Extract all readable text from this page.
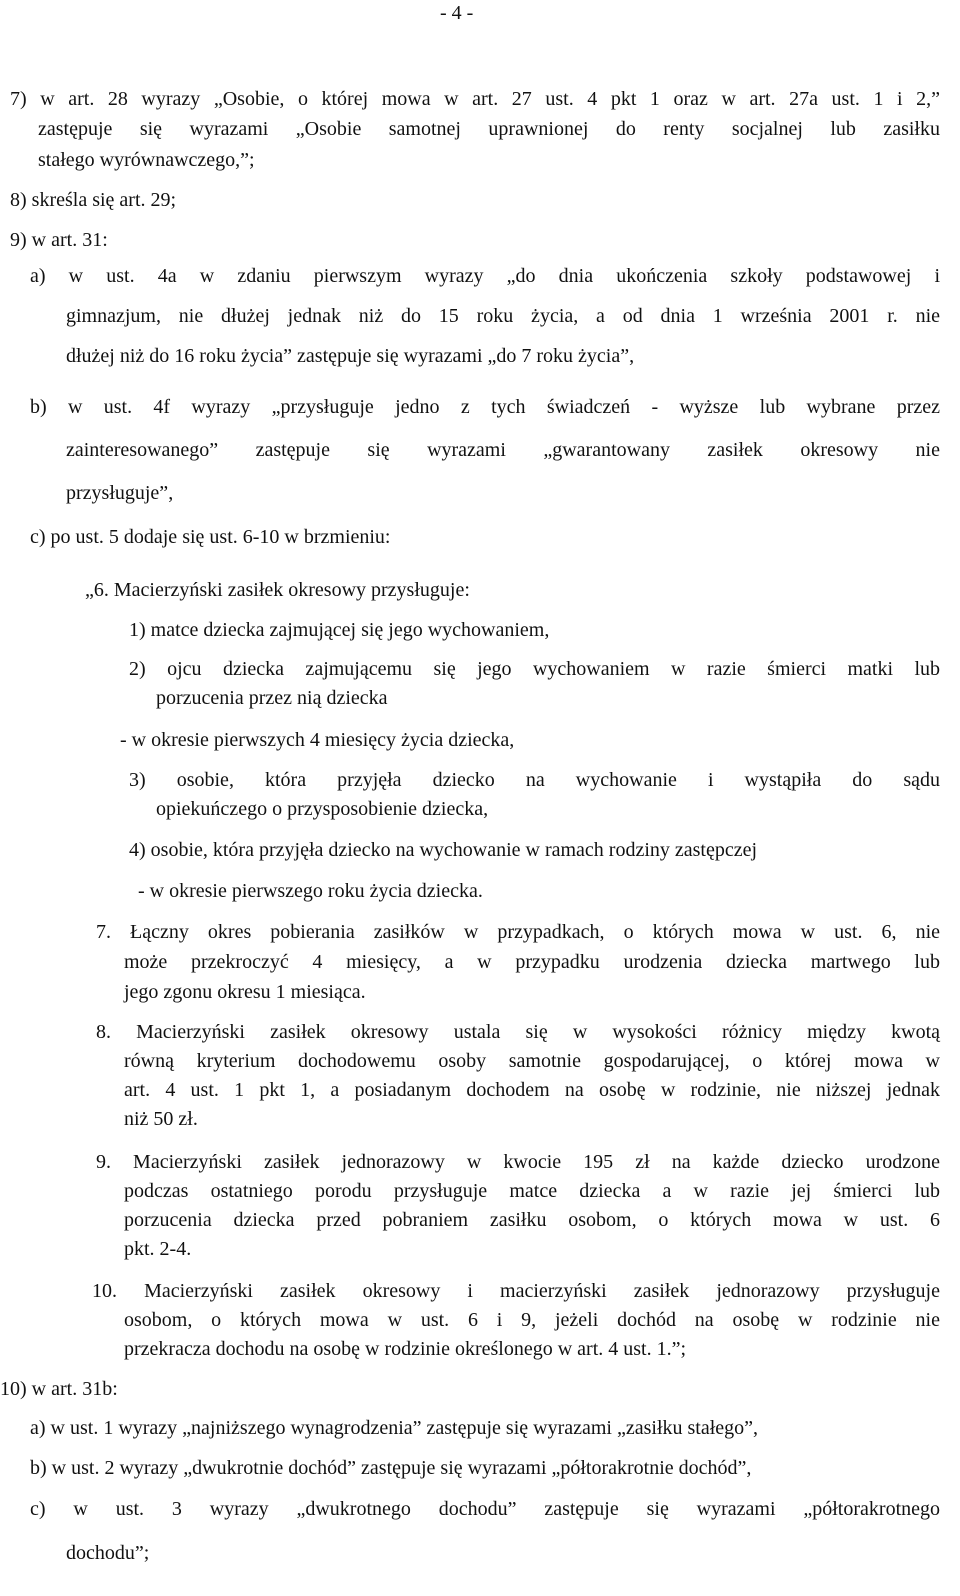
- 4 -
7) w art. 28 wyrazy „Osobie, o której mowa w art. 27 ust. 4 pkt 1 oraz w art. 27a ust. 1 i 2,”
zastępuje się wyrazami „Osobie samotnej uprawnionej do renty socjalnej lub zasiłku
stałego wyrównawczego,”;
8) skreśla się art. 29;
9) w art. 31:
a) w ust. 4a w zdaniu pierwszym wyrazy „do dnia ukończenia szkoły podstawowej i
gimnazjum, nie dłużej jednak niż do 15 roku życia, a od dnia 1 września 2001 r. nie
dłużej niż do 16 roku życia” zastępuje się wyrazami „do 7 roku życia”,
b) w ust. 4f wyrazy „przysługuje jedno z tych świadczeń - wyższe lub wybrane przez
zainteresowanego” zastępuje się wyrazami „gwarantowany zasiłek okresowy nie
przysługuje”,
c) po ust. 5 dodaje się ust. 6-10 w brzmieniu:
„6. Macierzyński zasiłek okresowy przysługuje:
1) matce dziecka zajmującej się jego wychowaniem,
2) ojcu dziecka zajmującemu się jego wychowaniem w razie śmierci matki lub
porzucenia przez nią dziecka
- w okresie pierwszych 4 miesięcy życia dziecka,
3) osobie, która przyjęła dziecko na wychowanie i wystąpiła do sądu
opiekuńczego o przysposobienie dziecka,
4) osobie, która przyjęła dziecko na wychowanie w ramach rodziny zastępczej
- w okresie pierwszego roku życia dziecka.
7. Łączny okres pobierania zasiłków w przypadkach, o których mowa w ust. 6, nie
może przekroczyć 4 miesięcy, a w przypadku urodzenia dziecka martwego lub
jego zgonu okresu 1 miesiąca.
8. Macierzyński zasiłek okresowy ustala się w wysokości różnicy między kwotą
równą kryterium dochodowemu osoby samotnie gospodarującej, o której mowa w
art. 4 ust. 1 pkt 1, a posiadanym dochodem na osobę w rodzinie, nie niższej jednak
niż 50 zł.
9. Macierzyński zasiłek jednorazowy w kwocie 195 zł na każde dziecko urodzone
podczas ostatniego porodu przysługuje matce dziecka a w razie jej śmierci lub
porzucenia dziecka przed pobraniem zasiłku osobom, o których mowa w ust. 6
pkt. 2-4.
10. Macierzyński zasiłek okresowy i macierzyński zasiłek jednorazowy przysługuje
osobom, o których mowa w ust. 6 i 9, jeżeli dochód na osobę w rodzinie nie
przekracza dochodu na osobę w rodzinie określonego w art. 4 ust. 1.”;
10) w art. 31b:
a) w ust. 1 wyrazy „najniższego wynagrodzenia” zastępuje się wyrazami „zasiłku stałego”,
b) w ust. 2 wyrazy „dwukrotnie dochód” zastępuje się wyrazami „półtorakrotnie dochód”,
c) w ust. 3 wyrazy „dwukrotnego dochodu” zastępuje się wyrazami „półtorakrotnego
dochodu”;
